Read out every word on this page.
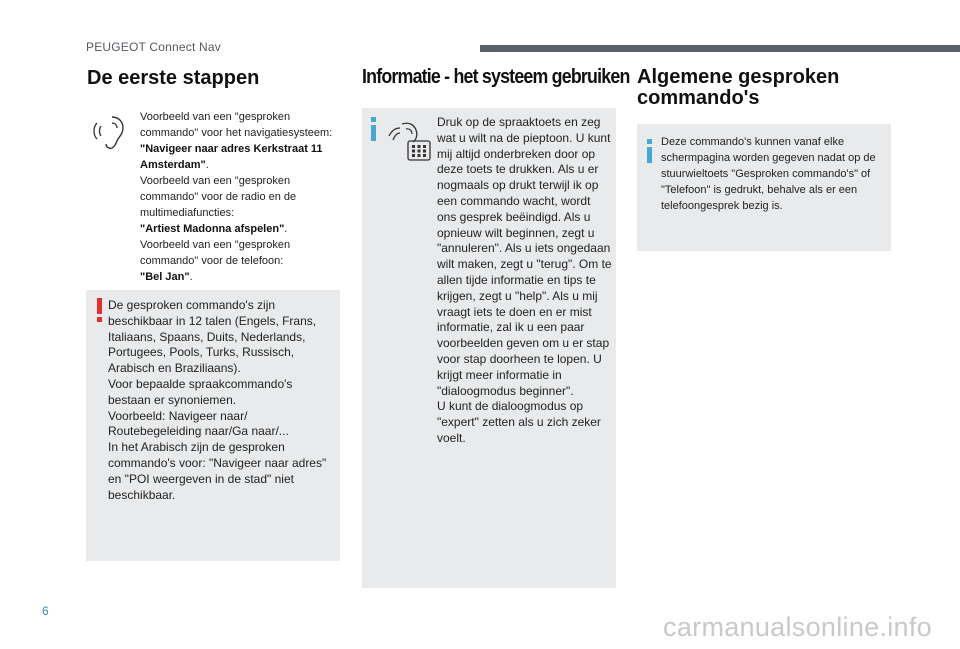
PEUGEOT Connect Nav
De eerste stappen
Voorbeeld van een "gesproken commando" voor het navigatiesysteem:
"Navigeer naar adres Kerkstraat 11 Amsterdam".
Voorbeeld van een "gesproken commando" voor de radio en de multimediafuncties:
"Artiest Madonna afspelen".
Voorbeeld van een "gesproken commando" voor de telefoon:
"Bel Jan".
De gesproken commando's zijn beschikbaar in 12 talen (Engels, Frans, Italiaans, Spaans, Duits, Nederlands, Portugees, Pools, Turks, Russisch, Arabisch en Braziliaans).
Voor bepaalde spraakcommando's bestaan er synoniemen.
Voorbeeld: Navigeer naar/ Routebegeleiding naar/Ga naar/...
In het Arabisch zijn de gesproken commando's voor: "Navigeer naar adres" en "POI weergeven in de stad" niet beschikbaar.
Informatie - het systeem gebruiken
Druk op de spraaktoets en zeg wat u wilt na de pieptoon. U kunt mij altijd onderbreken door op deze toets te drukken. Als u er nogmaals op drukt terwijl ik op een commando wacht, wordt ons gesprek beëindigd. Als u opnieuw wilt beginnen, zegt u "annuleren". Als u iets ongedaan wilt maken, zegt u "terug". Om te allen tijde informatie en tips te krijgen, zegt u "help". Als u mij vraagt iets te doen en er mist informatie, zal ik u een paar voorbeelden geven om u er stap voor stap doorheen te lopen. U krijgt meer informatie in "dialoogmodus beginner".
U kunt de dialoogmodus op "expert" zetten als u zich zeker voelt.
Algemene gesproken commando's
Deze commando's kunnen vanaf elke schermpagina worden gegeven nadat op de stuurwieltoets "Gesproken commando's" of "Telefoon" is gedrukt, behalve als er een telefoongesprek bezig is.
6
carmanualsonline.info
